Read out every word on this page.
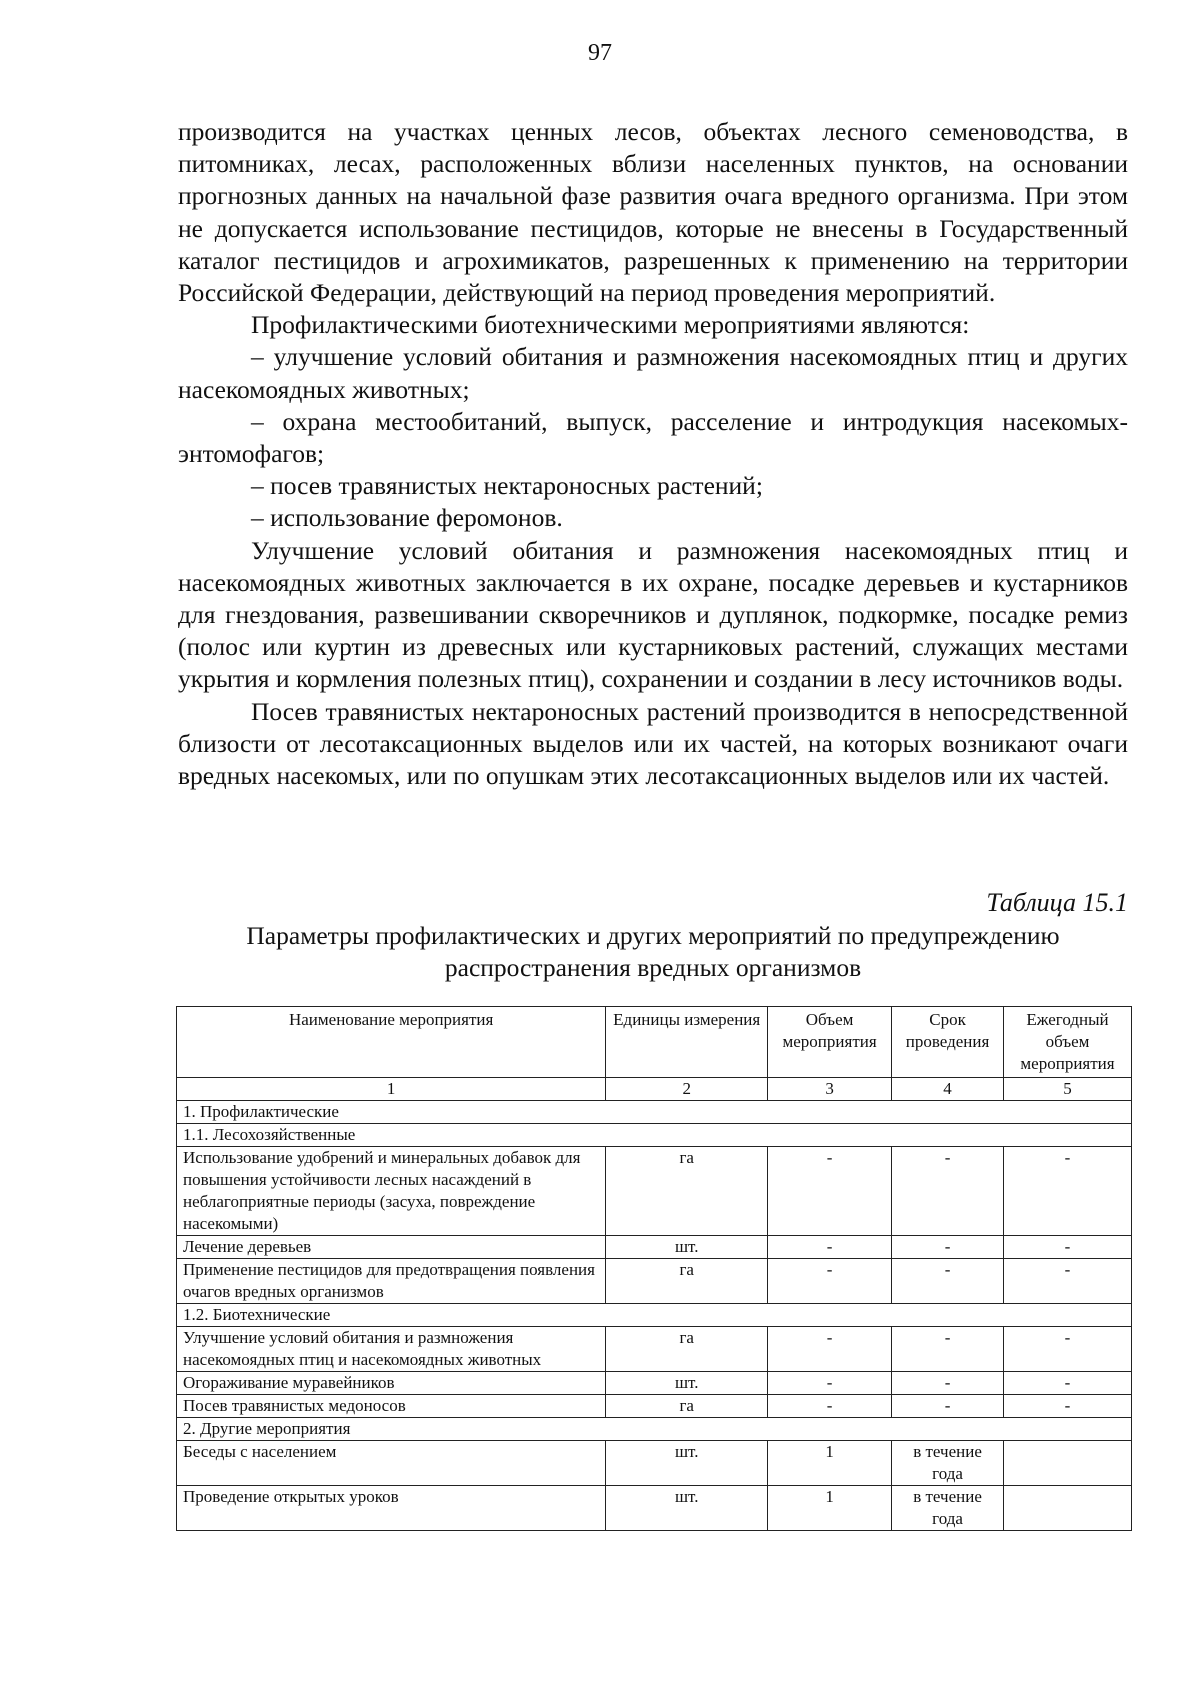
97

производится на участках ценных лесов, объектах лесного семеноводства, в питомниках, лесах, расположенных вблизи населенных пунктов, на основании прогнозных данных на начальной фазе развития очага вредного организма. При этом не допускается использование пестицидов, которые не внесены в Государственный каталог пестицидов и агрохимикатов, разрешенных к применению на территории Российской Федерации, действующий на период проведения мероприятий.

Профилактическими биотехническими мероприятиями являются:

– улучшение условий обитания и размножения насекомоядных птиц и других насекомоядных животных;

– охрана местообитаний, выпуск, расселение и интродукция насекомых-энтомофагов;

– посев травянистых нектароносных растений;

– использование феромонов.

Улучшение условий обитания и размножения насекомоядных птиц и насекомоядных животных заключается в их охране, посадке деревьев и кустарников для гнездования, развешивании скворечников и дуплянок, подкормке, посадке ремиз (полос или куртин из древесных или кустарниковых растений, служащих местами укрытия и кормления полезных птиц), сохранении и создании в лесу источников воды.

Посев травянистых нектароносных растений производится в непосредственной близости от лесотаксационных выделов или их частей, на которых возникают очаги вредных насекомых, или по опушкам этих лесотаксационных выделов или их частей.

Таблица 15.1
Параметры профилактических и других мероприятий по предупреждению
распространения вредных организмов
Наименование мероприятия	Единицы измерения	Объем мероприятия	Срок проведения	Ежегодный объем мероприятия
1	2	3	4	5
1. Профилактические				
1.1. Лесохозяйственные				
Использование удобрений и минеральных добавок для повышения устойчивости лесных насаждений в неблагоприятные периоды (засуха, повреждение насекомыми)	га	-	-	-
Лечение деревьев	шт.	-	-	-
Применение пестицидов для предотвращения появления очагов вредных организмов	га	-	-	-
1.2. Биотехнические				
Улучшение условий обитания и размножения насекомоядных птиц и насекомоядных животных	га	-	-	-
Огораживание муравейников	шт.	-	-	-
Посев травянистых медоносов	га	-	-	-
2. Другие мероприятия				
Беседы с населением	шт.	1	в течение года	
Проведение открытых уроков	шт.	1	в течение года	
